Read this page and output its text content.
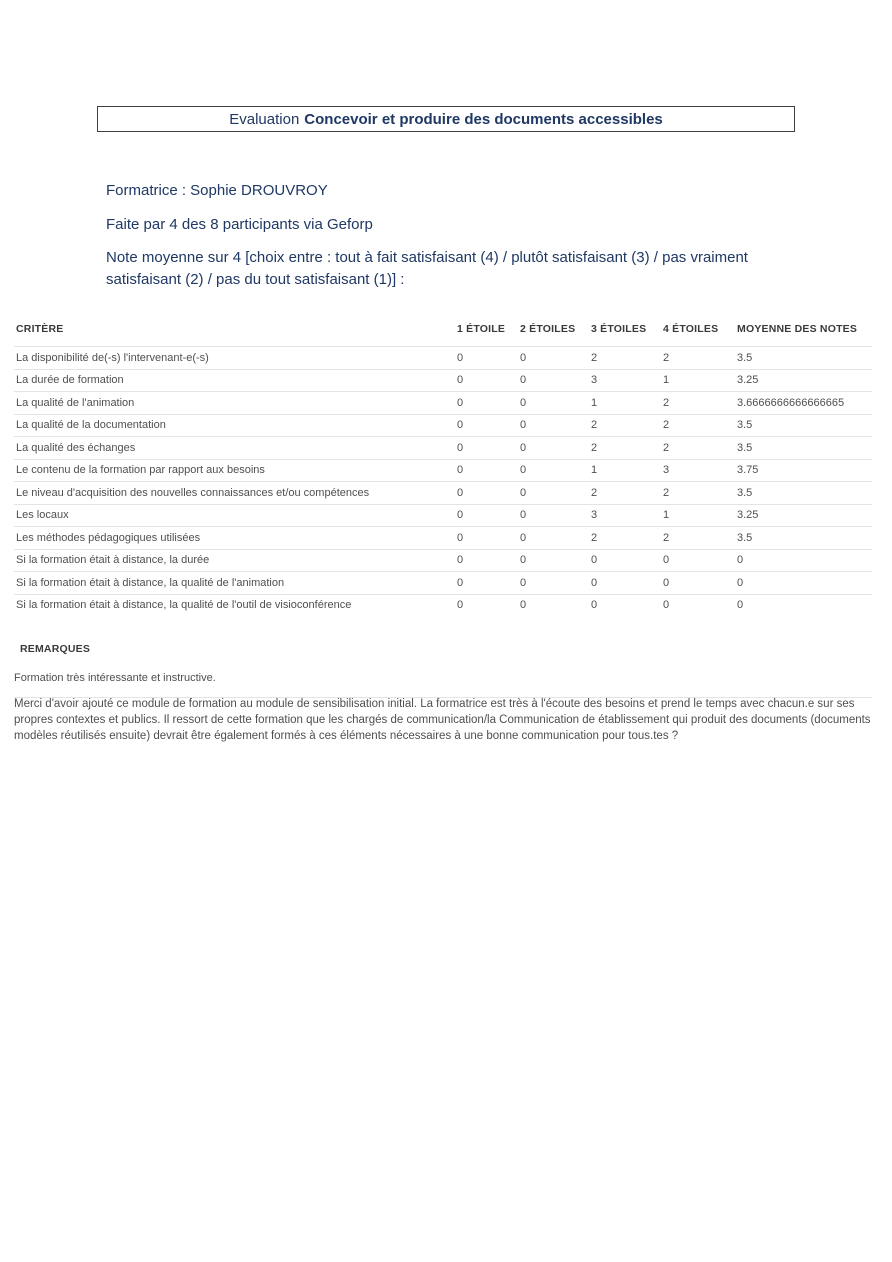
Evaluation Concevoir et produire des documents accessibles

Formatrice : Sophie DROUVROY

Faite par 4 des 8 participants via Geforp

Note moyenne sur 4 [choix entre : tout à fait satisfaisant (4) / plutôt satisfaisant (3) / pas vraiment satisfaisant (2) / pas du tout satisfaisant (1)] :

CRITÈRE	1 ÉTOILE	2 ÉTOILES	3 ÉTOILES	4 ÉTOILES	MOYENNE DES NOTES
La disponibilité de(-s) l'intervenant-e(-s)	0	0	2	2	3.5
La durée de formation	0	0	3	1	3.25
La qualité de l'animation	0	0	1	2	3.6666666666666665
La qualité de la documentation	0	0	2	2	3.5
La qualité des échanges	0	0	2	2	3.5
Le contenu de la formation par rapport aux besoins	0	0	1	3	3.75
Le niveau d'acquisition des nouvelles connaissances et/ou compétences	0	0	2	2	3.5
Les locaux	0	0	3	1	3.25
Les méthodes pédagogiques utilisées	0	0	2	2	3.5
Si la formation était à distance, la durée	0	0	0	0	0
Si la formation était à distance, la qualité de l'animation	0	0	0	0	0
Si la formation était à distance, la qualité de l'outil de visioconférence	0	0	0	0	0
REMARQUES
Formation très intéressante et instructive.
Merci d'avoir ajouté ce module de formation au module de sensibilisation initial. La formatrice est très à l'écoute des besoins et prend le temps avec chacun.e sur ses propres contextes et publics. Il ressort de cette formation que les chargés de communication/la Communication de établissement qui produit des documents (documents modèles réutilisés ensuite) devrait être également formés à ces éléments nécessaires à une bonne communication pour tous.tes ?
